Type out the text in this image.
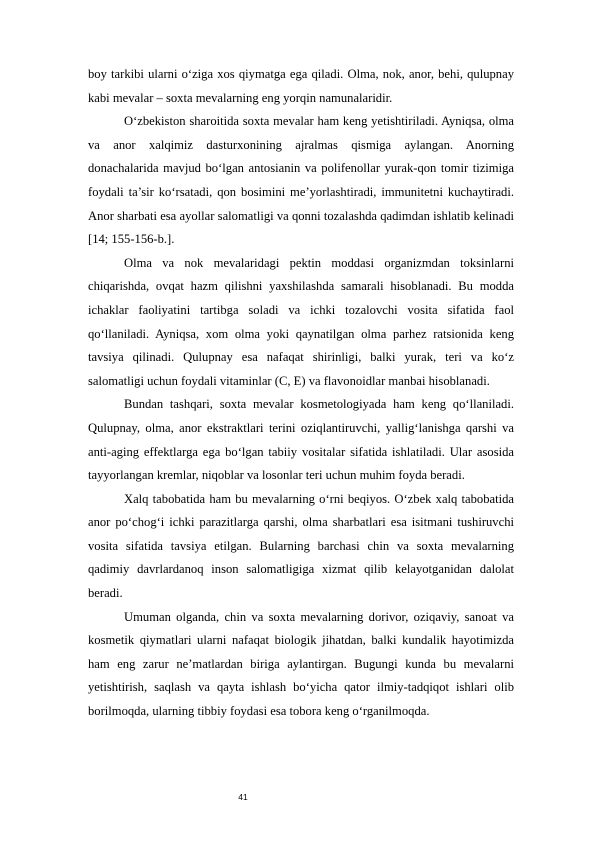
boy tarkibi ularni o‘ziga xos qiymatga ega qiladi. Olma, nok, anor, behi, qulupnay kabi mevalar – soxta mevalarning eng yorqin namunalaridir.

O‘zbekiston sharoitida soxta mevalar ham keng yetishtiriladi. Ayniqsa, olma va anor xalqimiz dasturxonining ajralmas qismiga aylangan. Anorning donachalarida mavjud bo‘lgan antosianin va polifenollar yurak-qon tomir tizimiga foydali ta’sir ko‘rsatadi, qon bosimini me’yorlashtiradi, immunitetni kuchaytiradi. Anor sharbati esa ayollar salomatligi va qonni tozalashda qadimdan ishlatib kelinadi [14; 155-156-b.].

Olma va nok mevalaridagi pektin moddasi organizmdan toksinlarni chiqarishda, ovqat hazm qilishni yaxshilashda samarali hisoblanadi. Bu modda ichaklar faoliyatini tartibga soladi va ichki tozalovchi vosita sifatida faol qo‘llaniladi. Ayniqsa, xom olma yoki qaynatilgan olma parhez ratsionida keng tavsiya qilinadi. Qulupnay esa nafaqat shirinligi, balki yurak, teri va ko‘z salomatligi uchun foydali vitaminlar (C, E) va flavonoidlar manbai hisoblanadi.

Bundan tashqari, soxta mevalar kosmetologiyada ham keng qo‘llaniladi. Qulupnay, olma, anor ekstraktlari terini oziqlantiruvchi, yallig‘lanishga qarshi va anti-aging effektlarga ega bo‘lgan tabiiy vositalar sifatida ishlatiladi. Ular asosida tayyorlangan kremlar, niqoblar va losonlar teri uchun muhim foyda beradi.

Xalq tabobatida ham bu mevalarning o‘rni beqiyos. O‘zbek xalq tabobatida anor po‘chog‘i ichki parazitlarga qarshi, olma sharbatlari esa isitmani tushiruvchi vosita sifatida tavsiya etilgan. Bularning barchasi chin va soxta mevalarning qadimiy davrlardanoq inson salomatligiga xizmat qilib kelayotganidan dalolat beradi.

Umuman olganda, chin va soxta mevalarning dorivor, oziqaviy, sanoat va kosmetik qiymatlari ularni nafaqat biologik jihatdan, balki kundalik hayotimizda ham eng zarur ne’matlardan biriga aylantirgan. Bugungi kunda bu mevalarni yetishtirish, saqlash va qayta ishlash bo‘yicha qator ilmiy-tadqiqot ishlari olib borilmoqda, ularning tibbiy foydasi esa tobora keng o‘rganilmoqda.

41
